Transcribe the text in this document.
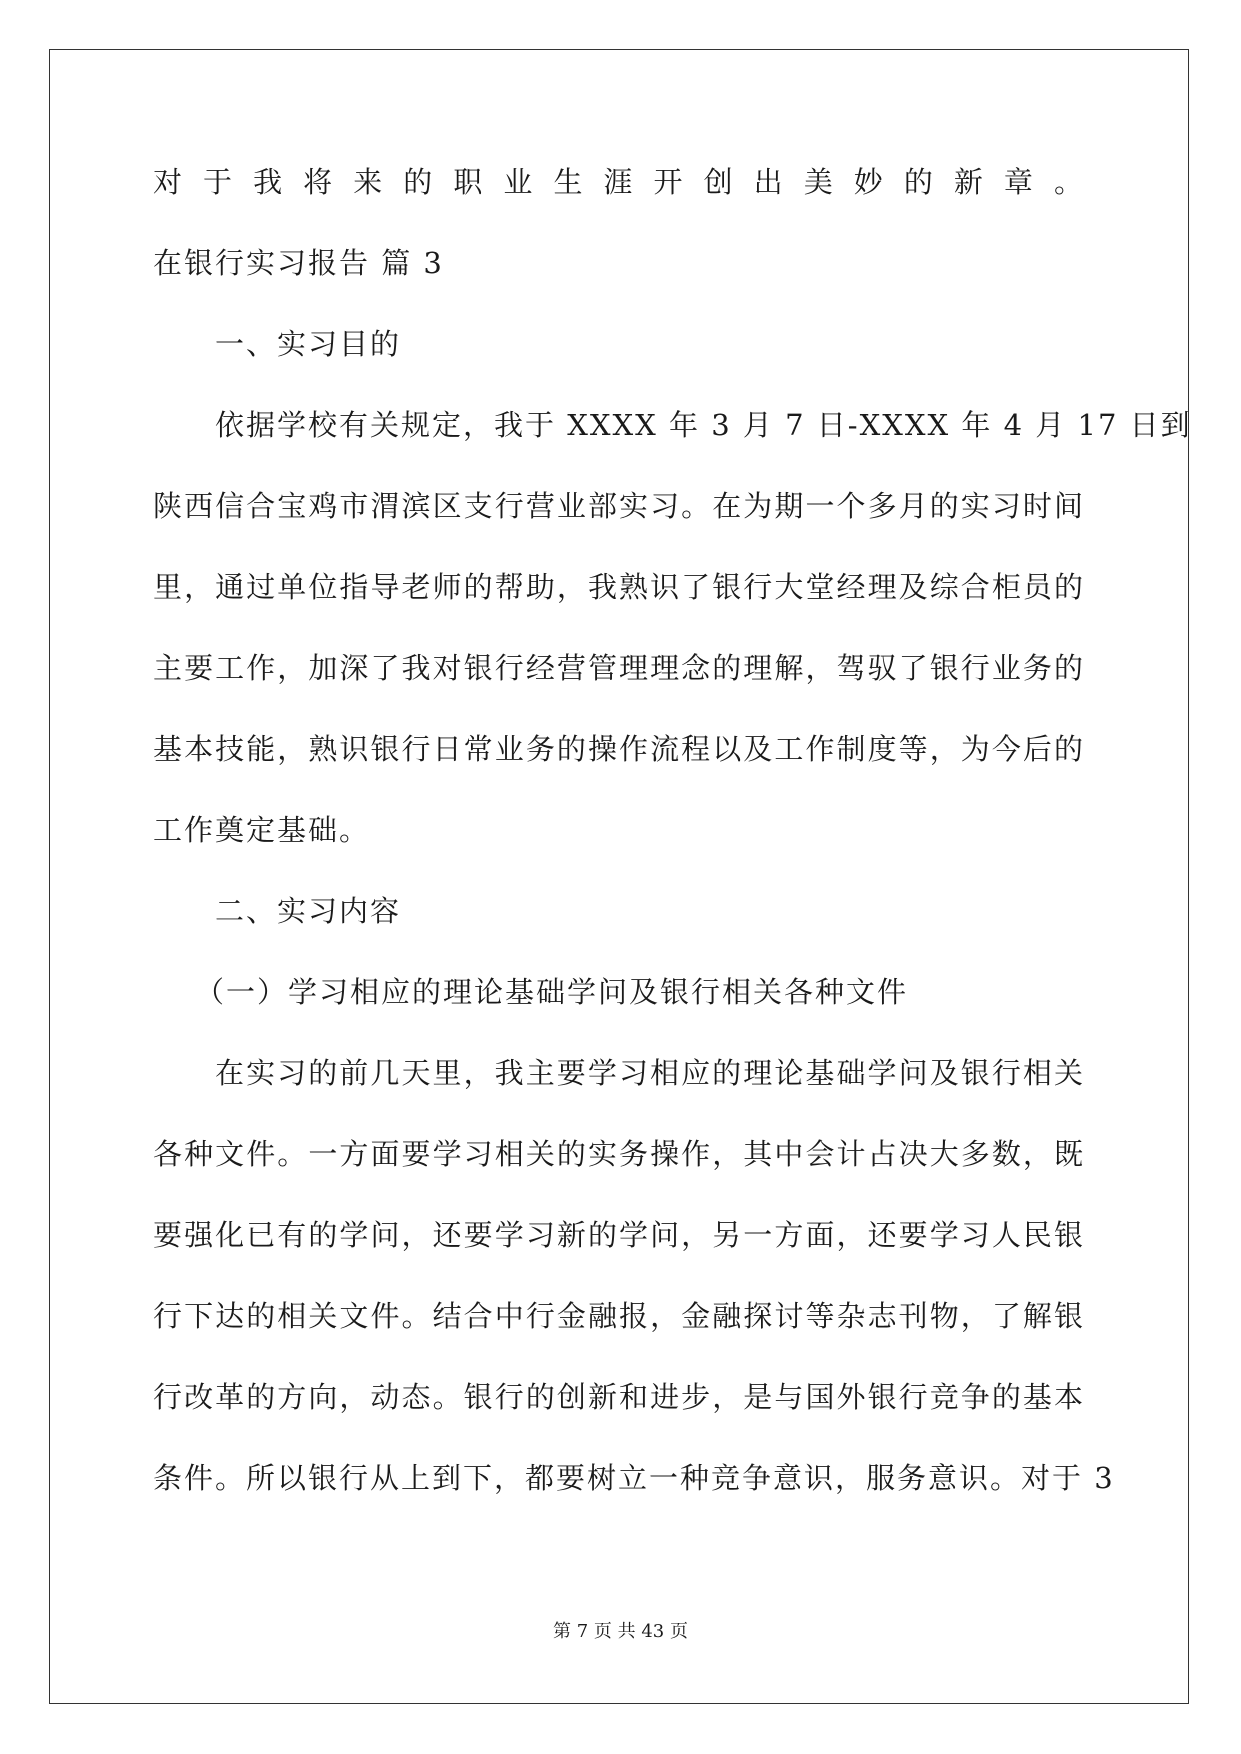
对于我将来的职业生涯开创出美妙的新章。
在银行实习报告 篇 3
一、实习目的
依据学校有关规定，我于 XXXX 年 3 月 7 日-XXXX 年 4 月 17 日到
陕西信合宝鸡市渭滨区支行营业部实习。在为期一个多月的实习时间
里，通过单位指导老师的帮助，我熟识了银行大堂经理及综合柜员的
主要工作，加深了我对银行经营管理理念的理解，驾驭了银行业务的
基本技能，熟识银行日常业务的操作流程以及工作制度等，为今后的
工作奠定基础。
二、实习内容
（一）学习相应的理论基础学问及银行相关各种文件
在实习的前几天里，我主要学习相应的理论基础学问及银行相关
各种文件。一方面要学习相关的实务操作，其中会计占决大多数，既
要强化已有的学问，还要学习新的学问，另一方面，还要学习人民银
行下达的相关文件。结合中行金融报，金融探讨等杂志刊物，了解银
行改革的方向，动态。银行的创新和进步，是与国外银行竞争的基本
条件。所以银行从上到下，都要树立一种竞争意识，服务意识。对于 3
第 7 页 共 43 页
